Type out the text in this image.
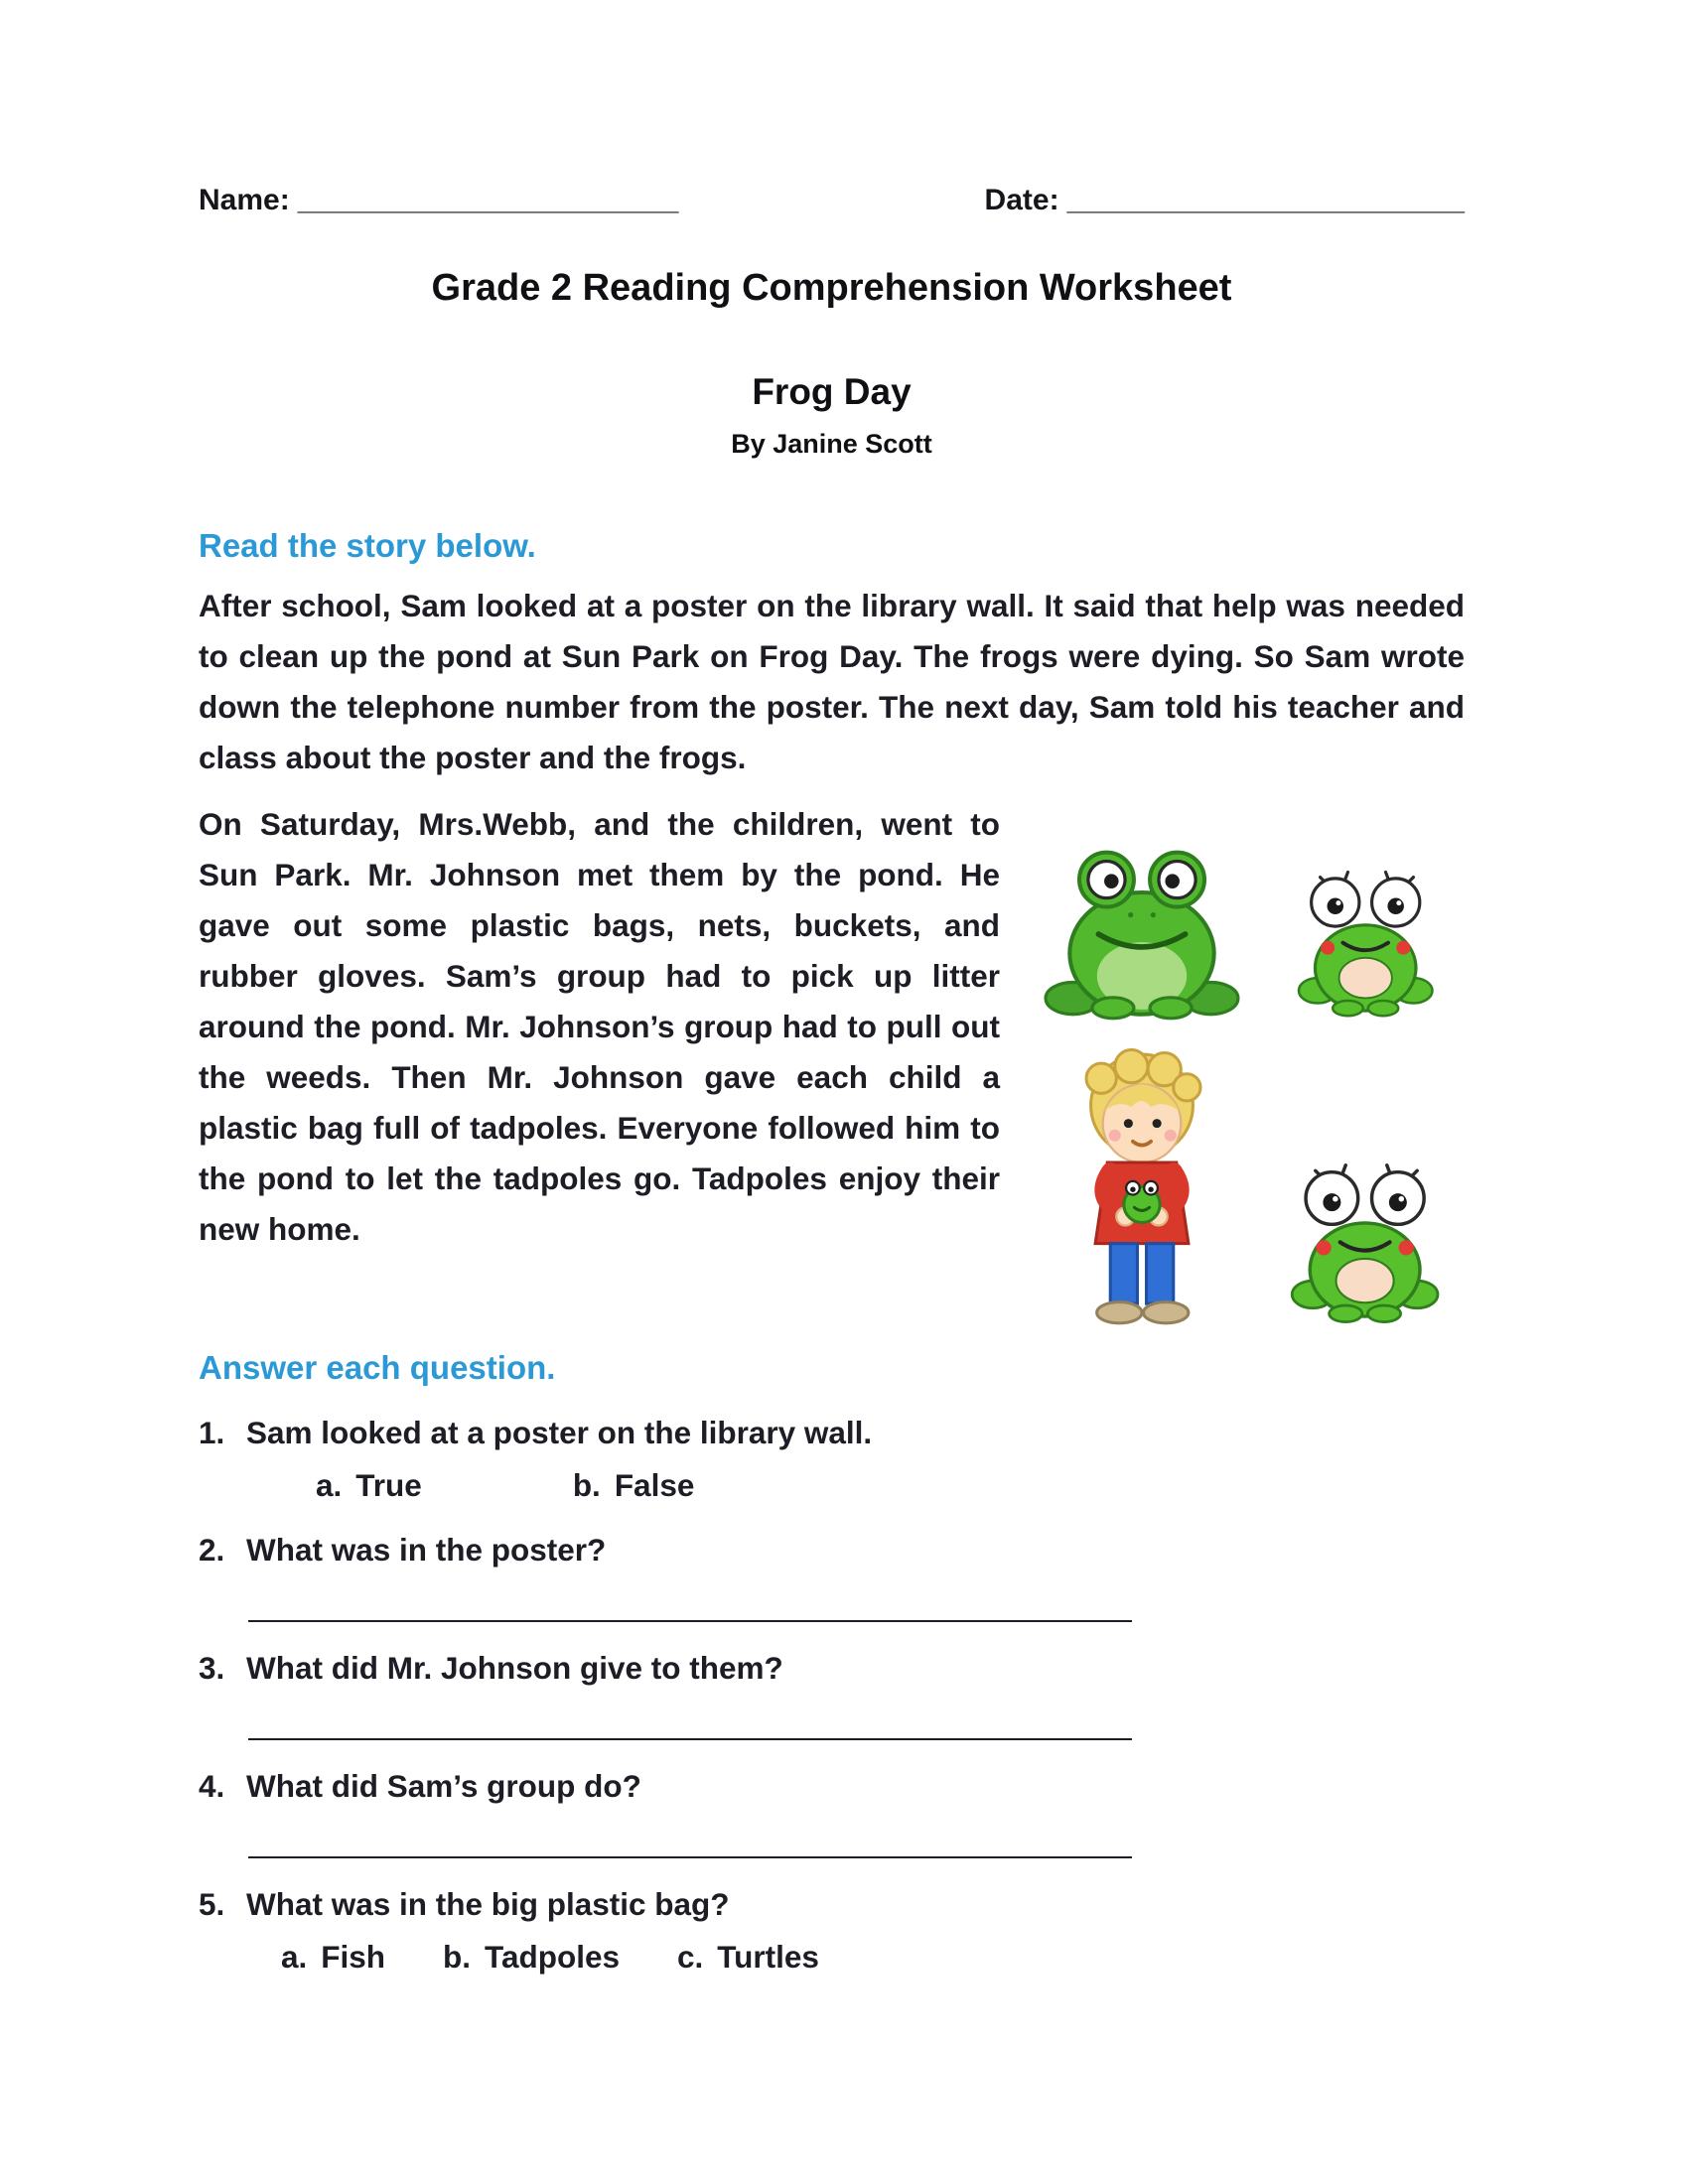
Name: _______________________	Date: ________________________
Grade 2 Reading Comprehension Worksheet
Frog Day
By Janine Scott
Read the story below.

After school, Sam looked at a poster on the library wall. It said that help was needed to clean up the pond at Sun Park on Frog Day. The frogs were dying. So Sam wrote down the telephone number from the poster. The next day, Sam told his teacher and class about the poster and the frogs.

On Saturday, Mrs.Webb, and the children, went to Sun Park. Mr. Johnson met them by the pond. He gave out some plastic bags, nets, buckets, and rubber gloves. Sam’s group had to pick up litter around the pond. Mr. Johnson’s group had to pull out the weeds. Then Mr. Johnson gave each child a plastic bag full of tadpoles. Everyone followed him to the pond to let the tadpoles go. Tadpoles enjoy their new home.

Answer each question.
1. Sam looked at a poster on the library wall.
a. True	b. False
2. What was in the poster?
3. What did Mr. Johnson give to them?
4. What did Sam’s group do?
5. What was in the big plastic bag?
a. Fish b. Tadpoles c. Turtles
